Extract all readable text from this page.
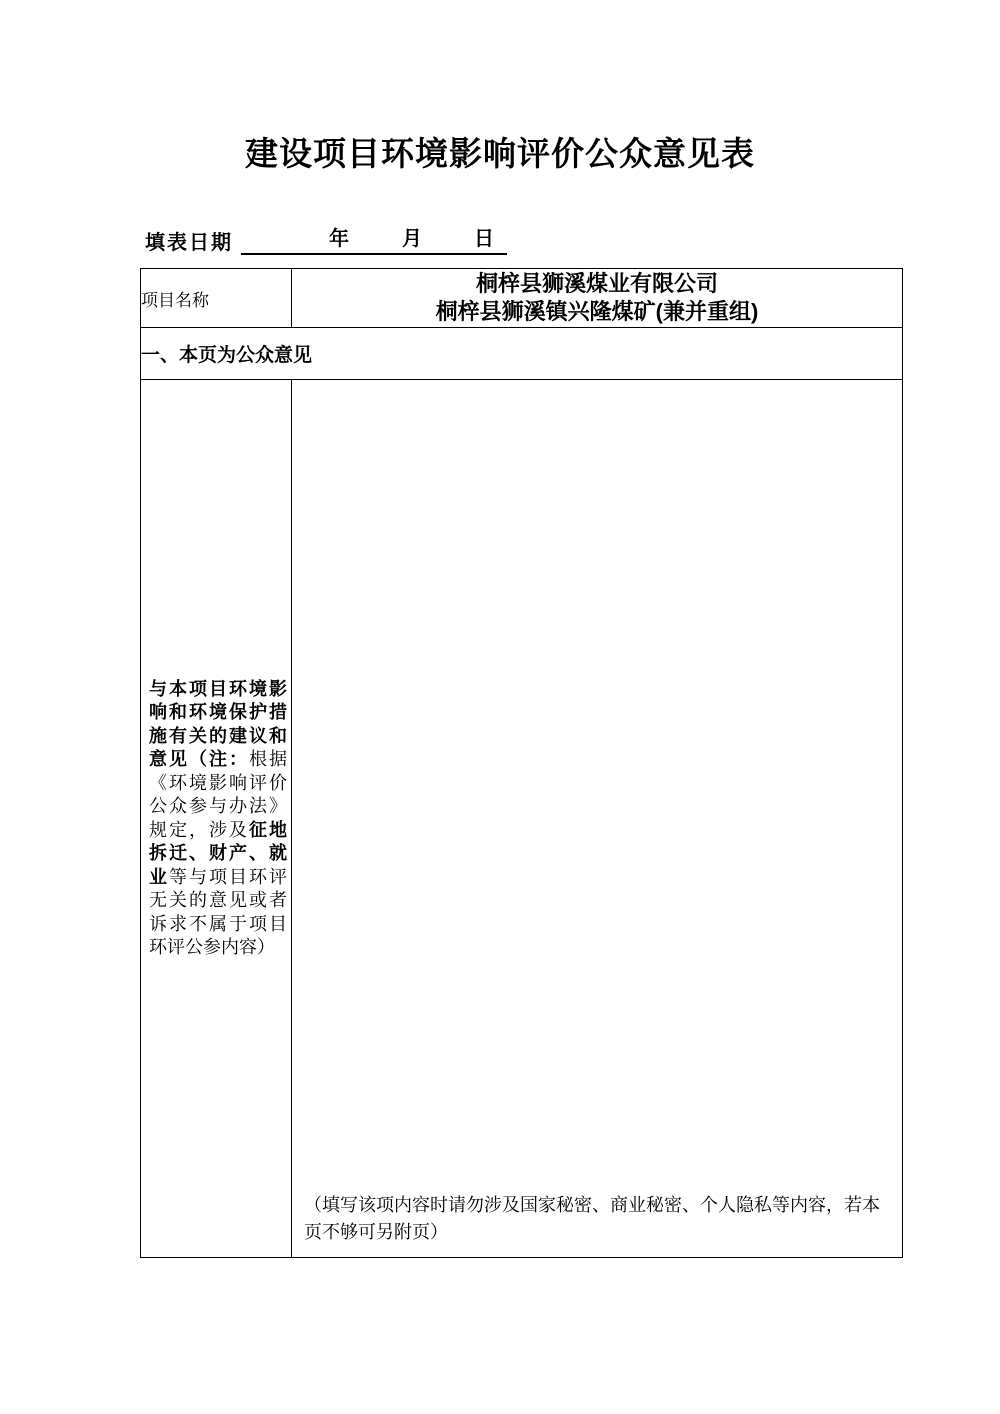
建设项目环境影响评价公众意见表
填表日期	年	月	日
项目名称	桐梓县狮溪煤业有限公司
桐梓县狮溪镇兴隆煤矿(兼并重组)

一、本页为公众意见	

与本项目环境影响和环境保护措施有关的建议和意见（注：根据《环境影响评价公众参与办法》规定，涉及征地拆迁、财产、就业等与项目环评无关的意见或者诉求不属于项目环评公参内容）	（填写该项内容时请勿涉及国家秘密、商业秘密、个人隐私等内容，若本页不够可另附页）
